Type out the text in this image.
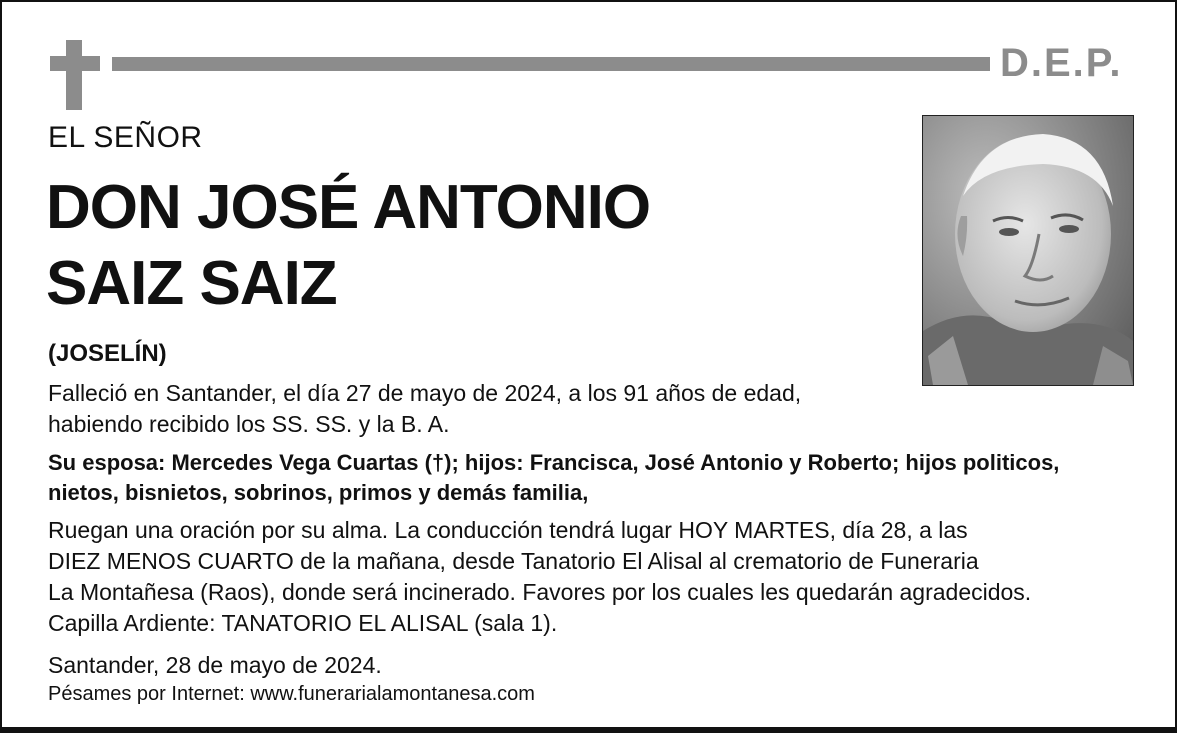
D.E.P.
EL SEÑOR
DON JOSÉ ANTONIO
SAIZ SAIZ
(JOSELÍN)
Falleció en Santander, el día 27 de mayo de 2024, a los 91 años de edad,
habiendo recibido los SS. SS. y la B. A.
Su esposa: Mercedes Vega Cuartas (†); hijos: Francisca, José Antonio y Roberto; hijos politicos,
nietos, bisnietos, sobrinos, primos y demás familia,
Ruegan una oración por su alma. La conducción tendrá lugar HOY MARTES, día 28, a las
DIEZ MENOS CUARTO de la mañana, desde Tanatorio El Alisal al crematorio de Funeraria
La Montañesa (Raos), donde será incinerado. Favores por los cuales les quedarán agradecidos.
Capilla Ardiente: TANATORIO EL ALISAL (sala 1).
Santander, 28 de mayo de 2024.
Pésames por Internet: www.funerarialamontanesa.com
